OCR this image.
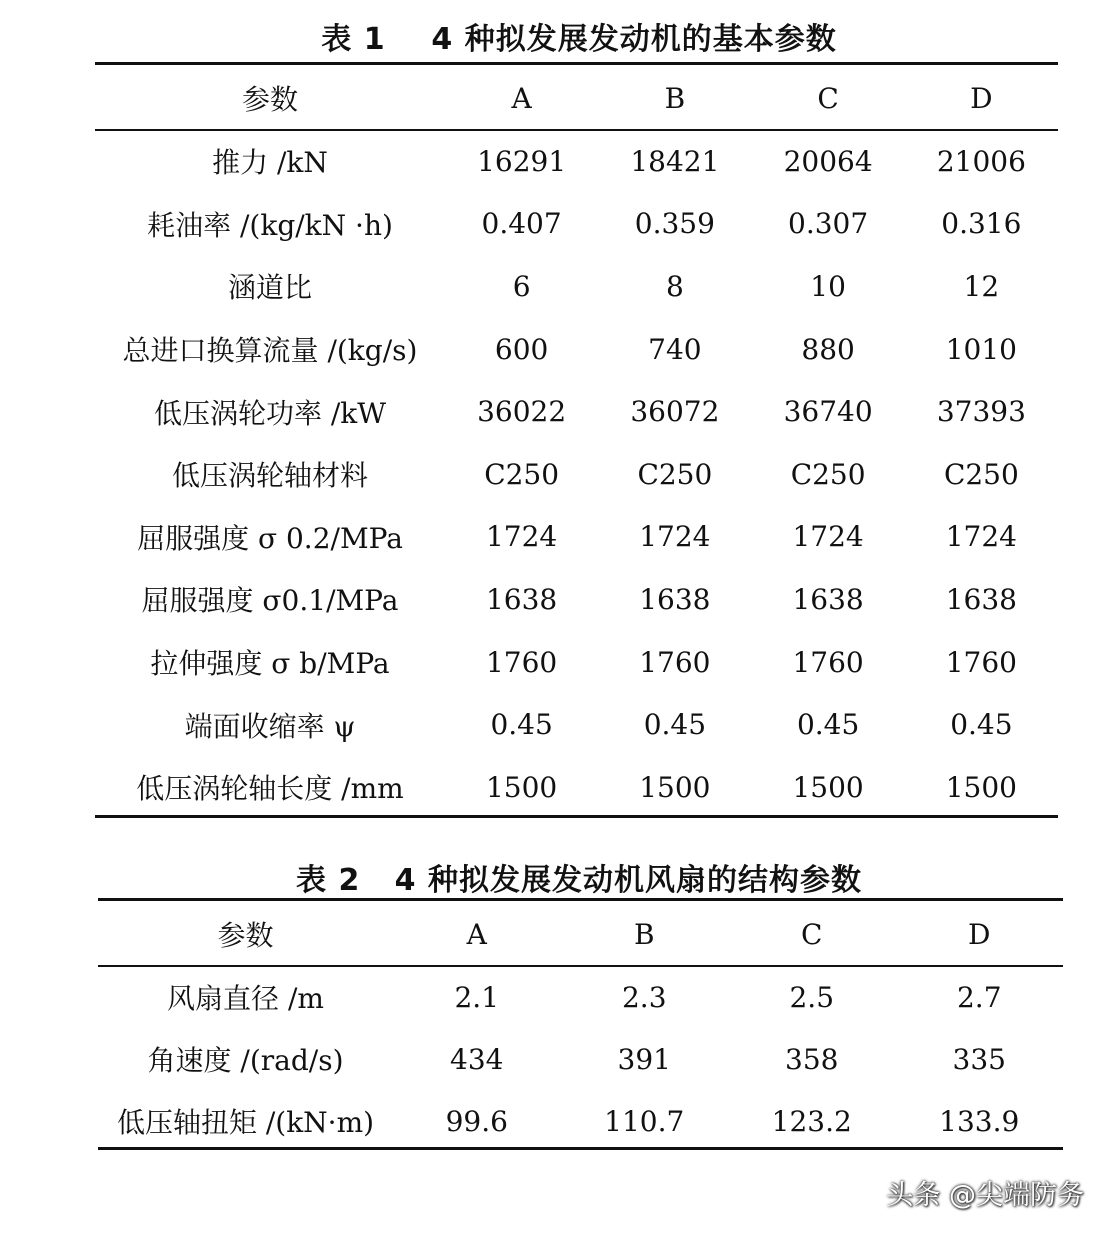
表 1    4 种拟发展发动机的基本参数
参数	A	B	C	D
推力 /kN	16291	18421	20064	21006
耗油率 /(kg/kN ·h)	0.407	0.359	0.307	0.316
涵道比	6	8	10	12
总进口换算流量 /(kg/s)	600	740	880	1010
低压涡轮功率 /kW	36022	36072	36740	37393
低压涡轮轴材料	C250	C250	C250	C250
屈服强度 σ 0.2/MPa	1724	1724	1724	1724
屈服强度 σ0.1/MPa	1638	1638	1638	1638
拉伸强度 σ b/MPa	1760	1760	1760	1760
端面收缩率 ψ	0.45	0.45	0.45	0.45
低压涡轮轴长度 /mm	1500	1500	1500	1500
表 2   4 种拟发展发动机风扇的结构参数
参数	A	B	C	D
风扇直径 /m	2.1	2.3	2.5	2.7
角速度 /(rad/s)	434	391	358	335
低压轴扭矩 /(kN·m)	99.6	110.7	123.2	133.9
头条 @尖端防务
